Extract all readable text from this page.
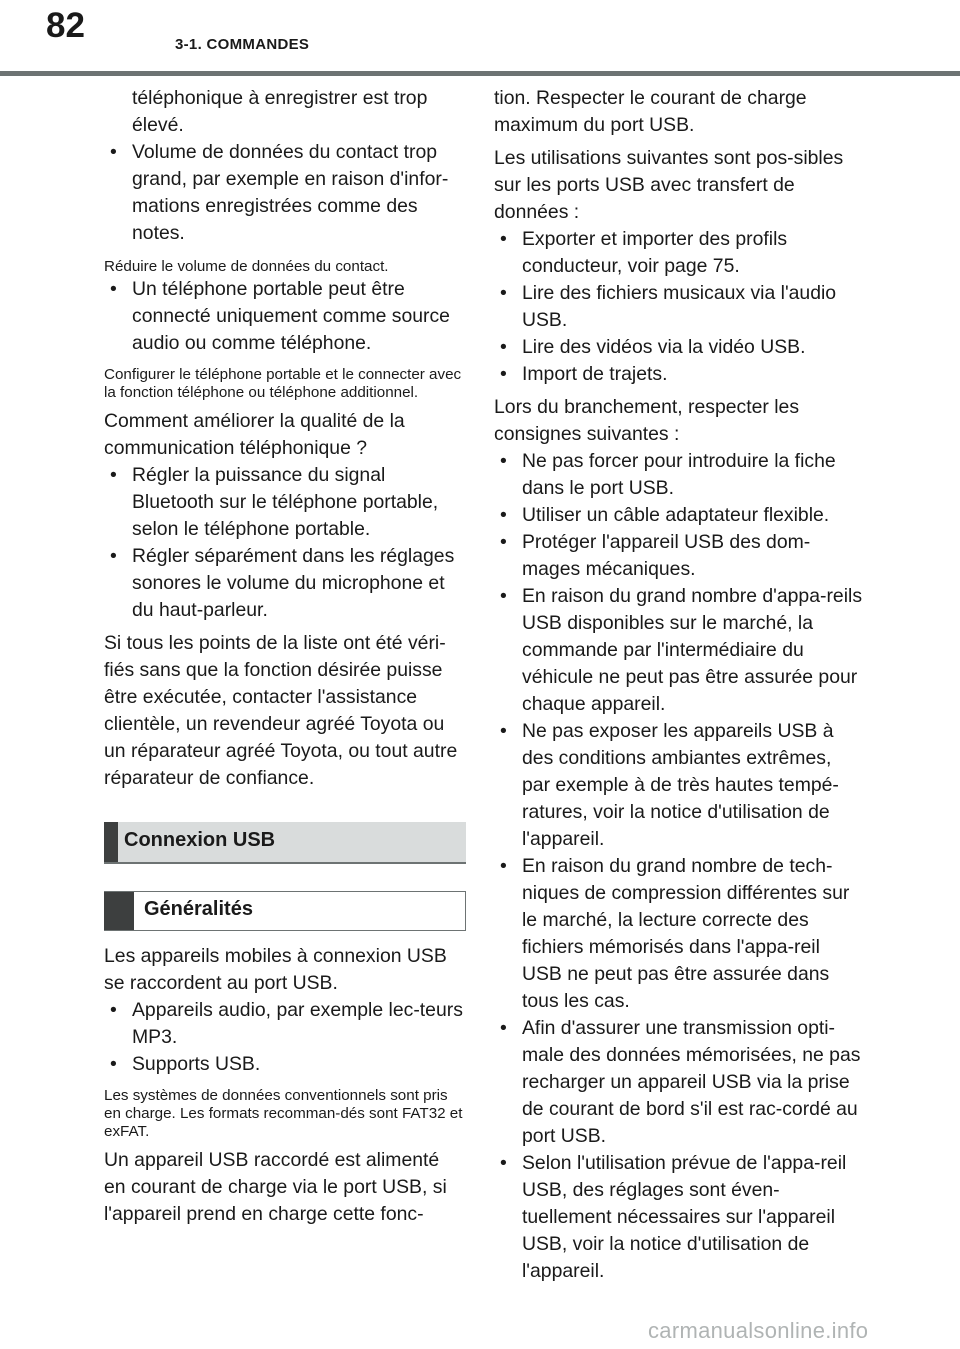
82	3-1. COMMANDES

téléphonique à enregistrer est trop élevé.

• Volume de données du contact trop grand, par exemple en raison d'infor-mations enregistrées comme des notes.

Réduire le volume de données du contact.

• Un téléphone portable peut être connecté uniquement comme source audio ou comme téléphone.

Configurer le téléphone portable et le connecter avec la fonction téléphone ou téléphone additionnel.

Comment améliorer la qualité de la communication téléphonique ?

• Régler la puissance du signal Bluetooth sur le téléphone portable, selon le téléphone portable.
• Régler séparément dans les réglages sonores le volume du microphone et du haut-parleur.

Si tous les points de la liste ont été véri-fiés sans que la fonction désirée puisse être exécutée, contacter l'assistance clientèle, un revendeur agréé Toyota ou un réparateur agréé Toyota, ou tout autre réparateur de confiance.

Connexion USB
Généralités

Les appareils mobiles à connexion USB se raccordent au port USB.

• Appareils audio, par exemple lec-teurs MP3.
• Supports USB.

Les systèmes de données conventionnels sont pris en charge. Les formats recomman-dés sont FAT32 et exFAT.

Un appareil USB raccordé est alimenté en courant de charge via le port USB, si l'appareil prend en charge cette fonc-

tion. Respecter le courant de charge maximum du port USB.

Les utilisations suivantes sont pos-sibles sur les ports USB avec transfert de données :

• Exporter et importer des profils conducteur, voir page 75.
• Lire des fichiers musicaux via l'audio USB.
• Lire des vidéos via la vidéo USB.
• Import de trajets.

Lors du branchement, respecter les consignes suivantes :

• Ne pas forcer pour introduire la fiche dans le port USB.
• Utiliser un câble adaptateur flexible.
• Protéger l'appareil USB des dom-mages mécaniques.
• En raison du grand nombre d'appa-reils USB disponibles sur le marché, la commande par l'intermédiaire du véhicule ne peut pas être assurée pour chaque appareil.
• Ne pas exposer les appareils USB à des conditions ambiantes extrêmes, par exemple à de très hautes tempé-ratures, voir la notice d'utilisation de l'appareil.
• En raison du grand nombre de tech-niques de compression différentes sur le marché, la lecture correcte des fichiers mémorisés dans l'appa-reil USB ne peut pas être assurée dans tous les cas.
• Afin d'assurer une transmission opti-male des données mémorisées, ne pas recharger un appareil USB via la prise de courant de bord s'il est rac-cordé au port USB.
• Selon l'utilisation prévue de l'appa-reil USB, des réglages sont éven-tuellement nécessaires sur l'appareil USB, voir la notice d'utilisation de l'appareil.
carmanualsonline.info
